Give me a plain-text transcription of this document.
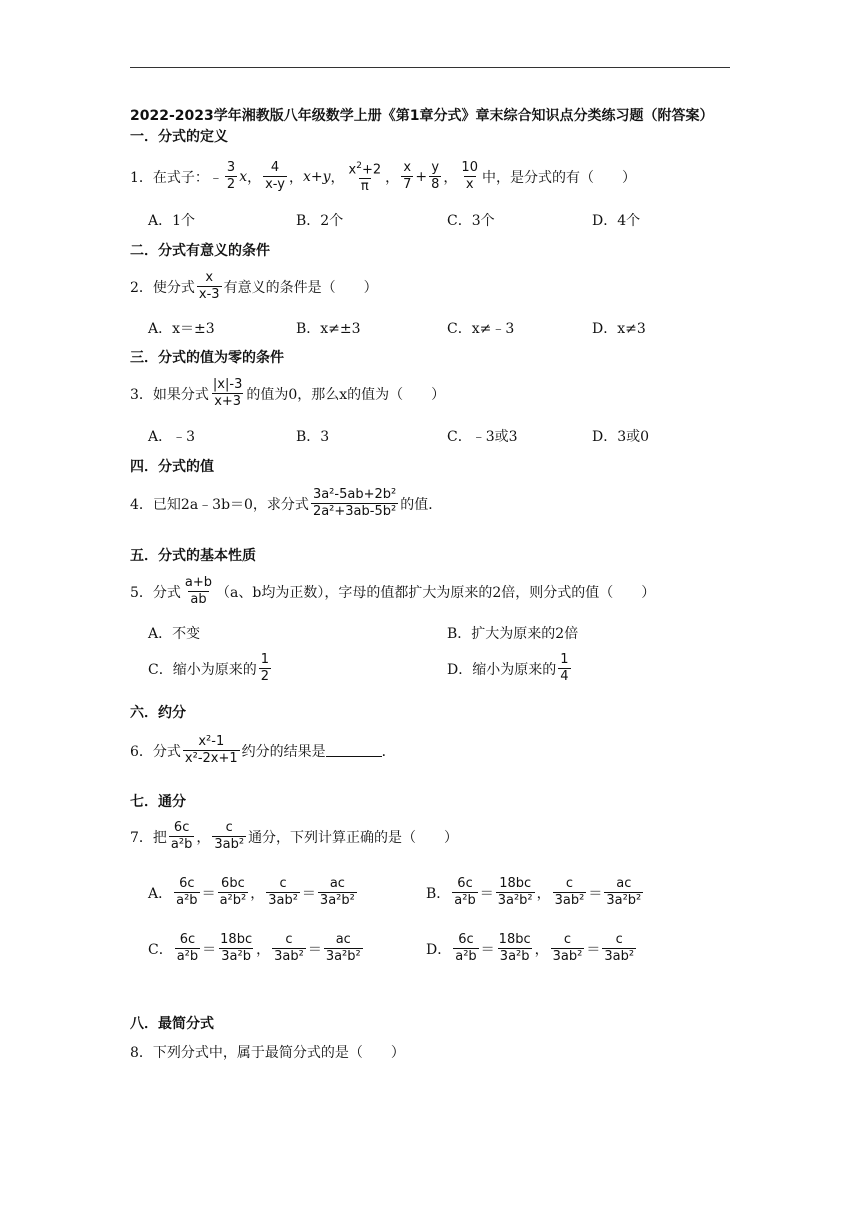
2022-2023学年湘教版八年级数学上册《第1章分式》章末综合知识点分类练习题（附答案）
一．分式的定义
1．在式子： ﹣ $\frac{3}{2}$ x ， $\frac{4}{x-y}$ ， x+y ， $\frac{x^2+2}{\pi}$ ， $\frac{x}{7} + \frac{y}{8}$ ， $\frac{10}{x}$ 中，是分式的有（　　）
A．1个	B．2个	C．3个	D．4个
二．分式有意义的条件
2．使分式 $\frac{x}{x-3}$ 有意义的条件是（　　）
A．x＝±3	B．x≠±3	C．x≠﹣3	D．x≠3
三．分式的值为零的条件
3．如果分式 $\frac{|x|-3}{x+3}$ 的值为0，那么x的值为（　　）
A．﹣3	B．3	C．﹣3或3	D．3或0
四．分式的值
4．已知2a﹣3b＝0，求分式 $\frac{\text{3a²-5ab+2b²}}{\text{2a²+3ab-5b²}}$ 的值．
五．分式的基本性质
5．分式 $\frac{a+b}{ab} (a$、b均为正数），字母的值都扩大为原来的2倍，则分式的值（　　）
A．不变	B．扩大为原来的2倍
C．缩小为原来的 $\frac{1}{2}$	D．缩小为原来的 $\frac{1}{4}$
六．约分
6．分式 $\frac{\text{x²-1}}{\text{x²-2x+1}}$ 约分的结果是	．
七．通分
7．把 $\frac{6c}{\text{a²b}}$ ， $\frac{c}{\text{3ab²}}$ 通分，下列计算正确的是（　　）
A． $\frac{6c}{\text{a²b}} = \frac{6bc}{\text{a²b²}}$ ， $\frac{c}{\text{3ab²}} = \frac{ac}{\text{3a²b²}}$	B． $\frac{6c}{\text{a²b}} = \frac{18bc}{\text{3a²b²}}$ ， $\frac{c}{\text{3ab²}} = \frac{ac}{\text{3a²b²}}$
C． $\frac{6c}{\text{a²b}} = \frac{18bc}{\text{3a²b}}$ ， $\frac{c}{\text{3ab²}} = \frac{ac}{\text{3a²b²}}$	D． $\frac{6c}{\text{a²b}} = \frac{18bc}{\text{3a²b}}$ ， $\frac{c}{\text{3ab²}} = \frac{c}{\text{3ab²}}$
八．最简分式
8．下列分式中，属于最简分式的是（　　）
